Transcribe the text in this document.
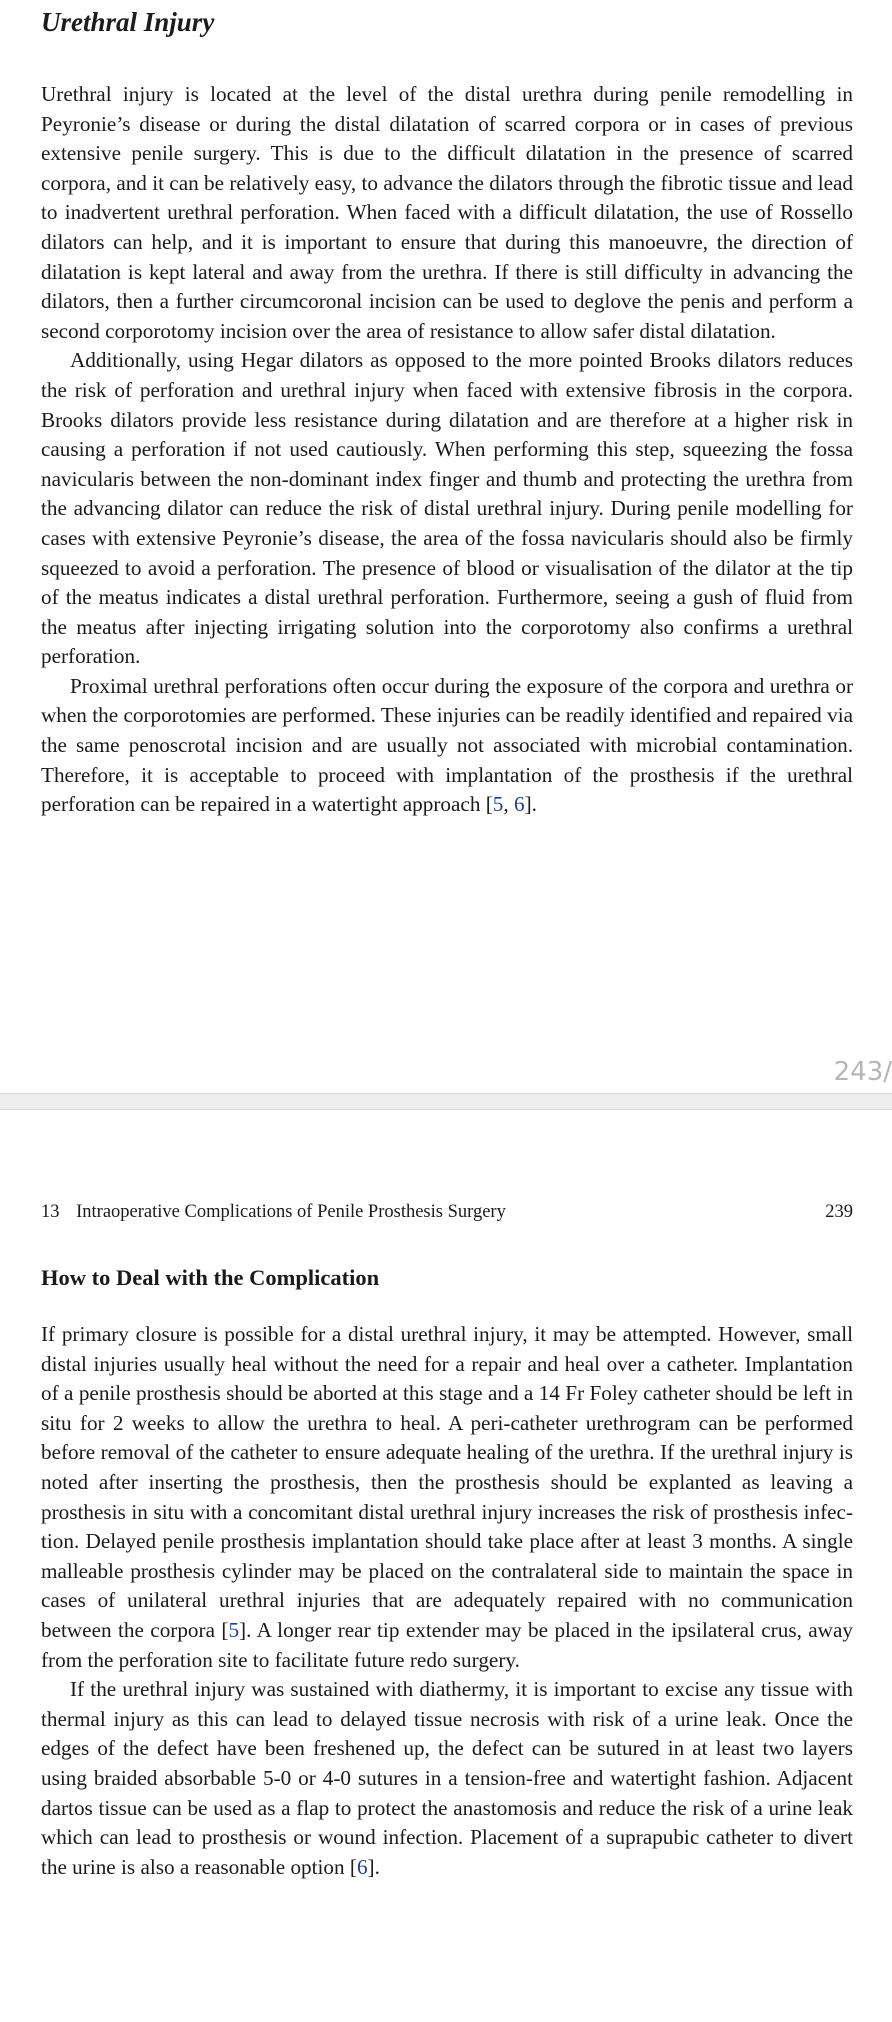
Urethral Injury

Urethral injury is located at the level of the distal urethra during penile remodelling in Peyronie’s disease or during the distal dilatation of scarred corpora or in cases of previous extensive penile surgery. This is due to the difficult dilatation in the presence of scarred corpora, and it can be relatively easy, to advance the dilators through the fibrotic tissue and lead to inadvertent urethral perforation. When faced with a difficult dilatation, the use of Rossello dilators can help, and it is important to ensure that during this manoeuvre, the direction of dilatation is kept lateral and away from the urethra. If there is still difficulty in advancing the dilators, then a further circumcoronal incision can be used to deglove the penis and perform a second corporotomy incision over the area of resistance to allow safer distal dilatation.

Additionally, using Hegar dilators as opposed to the more pointed Brooks dilators reduces the risk of perforation and urethral injury when faced with extensive fibrosis in the corpora. Brooks dilators provide less resistance during dilatation and are therefore at a higher risk in causing a perforation if not used cautiously. When performing this step, squeezing the fossa navicularis between the non-dominant index finger and thumb and protecting the urethra from the advancing dilator can reduce the risk of distal urethral injury. During penile modelling for cases with extensive Peyronie’s disease, the area of the fossa navicularis should also be firmly squeezed to avoid a perforation. The presence of blood or visualisation of the dilator at the tip of the meatus indicates a distal urethral perforation. Furthermore, seeing a gush of fluid from the meatus after injecting irrigating solution into the corporotomy also confirms a urethral perforation.

Proximal urethral perforations often occur during the exposure of the corpora and urethra or when the corporotomies are performed. These injuries can be readily identified and repaired via the same penoscrotal incision and are usually not associated with microbial contamination. Therefore, it is acceptable to proceed with implantation of the prosthesis if the urethral perforation can be repaired in a watertight approach [5, 6].

243/
13 Intraoperative Complications of Penile Prosthesis Surgery	239
How to Deal with the Complication

If primary closure is possible for a distal urethral injury, it may be attempted. However, small distal injuries usually heal without the need for a repair and heal over a catheter. Implantation of a penile prosthesis should be aborted at this stage and a 14 Fr Foley catheter should be left in situ for 2 weeks to allow the urethra to heal. A peri-catheter urethrogram can be performed before removal of the catheter to ensure adequate healing of the urethra. If the urethral injury is noted after inserting the prosthesis, then the prosthesis should be explanted as leaving a prosthesis in situ with a concomitant distal urethral injury increases the risk of prosthesis infection. Delayed penile prosthesis implantation should take place after at least 3 months. A single malleable prosthesis cylinder may be placed on the contralateral side to maintain the space in cases of unilateral urethral injuries that are adequately repaired with no communication between the corpora [5]. A longer rear tip extender may be placed in the ipsilateral crus, away from the perforation site to facilitate future redo surgery.

If the urethral injury was sustained with diathermy, it is important to excise any tissue with thermal injury as this can lead to delayed tissue necrosis with risk of a urine leak. Once the edges of the defect have been freshened up, the defect can be sutured in at least two layers using braided absorbable 5-0 or 4-0 sutures in a tension-free and watertight fashion. Adjacent dartos tissue can be used as a flap to protect the anastomosis and reduce the risk of a urine leak which can lead to prosthesis or wound infection. Placement of a suprapubic catheter to divert the urine is also a reasonable option [6].
